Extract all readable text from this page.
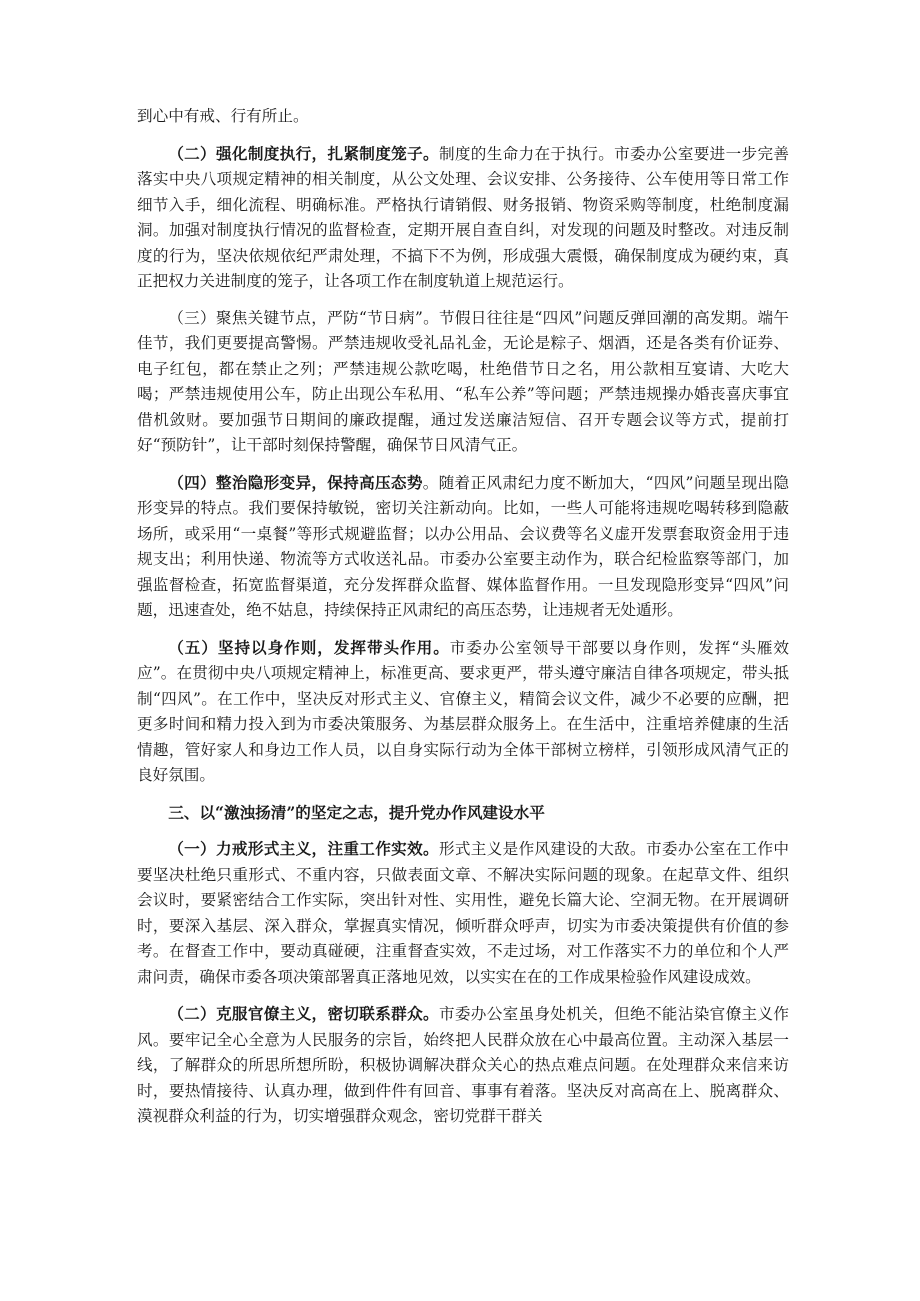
到心中有戒、行有所止。

（二）强化制度执行，扎紧制度笼子。制度的生命力在于执行。市委办公室要进一步完善落实中央八项规定精神的相关制度，从公文处理、会议安排、公务接待、公车使用等日常工作细节入手，细化流程、明确标准。严格执行请销假、财务报销、物资采购等制度，杜绝制度漏洞。加强对制度执行情况的监督检查，定期开展自查自纠，对发现的问题及时整改。对违反制度的行为，坚决依规依纪严肃处理，不搞下不为例，形成强大震慑，确保制度成为硬约束，真正把权力关进制度的笼子，让各项工作在制度轨道上规范运行。

（三）聚焦关键节点，严防“节日病”。节假日往往是“四风”问题反弹回潮的高发期。端午佳节，我们更要提高警惕。严禁违规收受礼品礼金，无论是粽子、烟酒，还是各类有价证券、电子红包，都在禁止之列；严禁违规公款吃喝，杜绝借节日之名，用公款相互宴请、大吃大喝；严禁违规使用公车，防止出现公车私用、“私车公养”等问题；严禁违规操办婚丧喜庆事宜借机敛财。要加强节日期间的廉政提醒，通过发送廉洁短信、召开专题会议等方式，提前打好“预防针”，让干部时刻保持警醒，确保节日风清气正。

（四）整治隐形变异，保持高压态势。随着正风肃纪力度不断加大，“四风”问题呈现出隐形变异的特点。我们要保持敏锐，密切关注新动向。比如，一些人可能将违规吃喝转移到隐蔽场所，或采用“一桌餐”等形式规避监督；以办公用品、会议费等名义虚开发票套取资金用于违规支出；利用快递、物流等方式收送礼品。市委办公室要主动作为，联合纪检监察等部门，加强监督检查，拓宽监督渠道，充分发挥群众监督、媒体监督作用。一旦发现隐形变异“四风”问题，迅速查处，绝不姑息，持续保持正风肃纪的高压态势，让违规者无处遁形。

（五）坚持以身作则，发挥带头作用。市委办公室领导干部要以身作则，发挥“头雁效应”。在贯彻中央八项规定精神上，标准更高、要求更严，带头遵守廉洁自律各项规定，带头抵制“四风”。在工作中，坚决反对形式主义、官僚主义，精简会议文件，减少不必要的应酬，把更多时间和精力投入到为市委决策服务、为基层群众服务上。在生活中，注重培养健康的生活情趣，管好家人和身边工作人员，以自身实际行动为全体干部树立榜样，引领形成风清气正的良好氛围。

三、以“激浊扬清”的坚定之志，提升党办作风建设水平

（一）力戒形式主义，注重工作实效。形式主义是作风建设的大敌。市委办公室在工作中要坚决杜绝只重形式、不重内容，只做表面文章、不解决实际问题的现象。在起草文件、组织会议时，要紧密结合工作实际，突出针对性、实用性，避免长篇大论、空洞无物。在开展调研时，要深入基层、深入群众，掌握真实情况，倾听群众呼声，切实为市委决策提供有价值的参考。在督查工作中，要动真碰硬，注重督查实效，不走过场，对工作落实不力的单位和个人严肃问责，确保市委各项决策部署真正落地见效，以实实在在的工作成果检验作风建设成效。

（二）克服官僚主义，密切联系群众。市委办公室虽身处机关，但绝不能沾染官僚主义作风。要牢记全心全意为人民服务的宗旨，始终把人民群众放在心中最高位置。主动深入基层一线，了解群众的所思所想所盼，积极协调解决群众关心的热点难点问题。在处理群众来信来访时，要热情接待、认真办理，做到件件有回音、事事有着落。坚决反对高高在上、脱离群众、漠视群众利益的行为，切实增强群众观念，密切党群干群关
